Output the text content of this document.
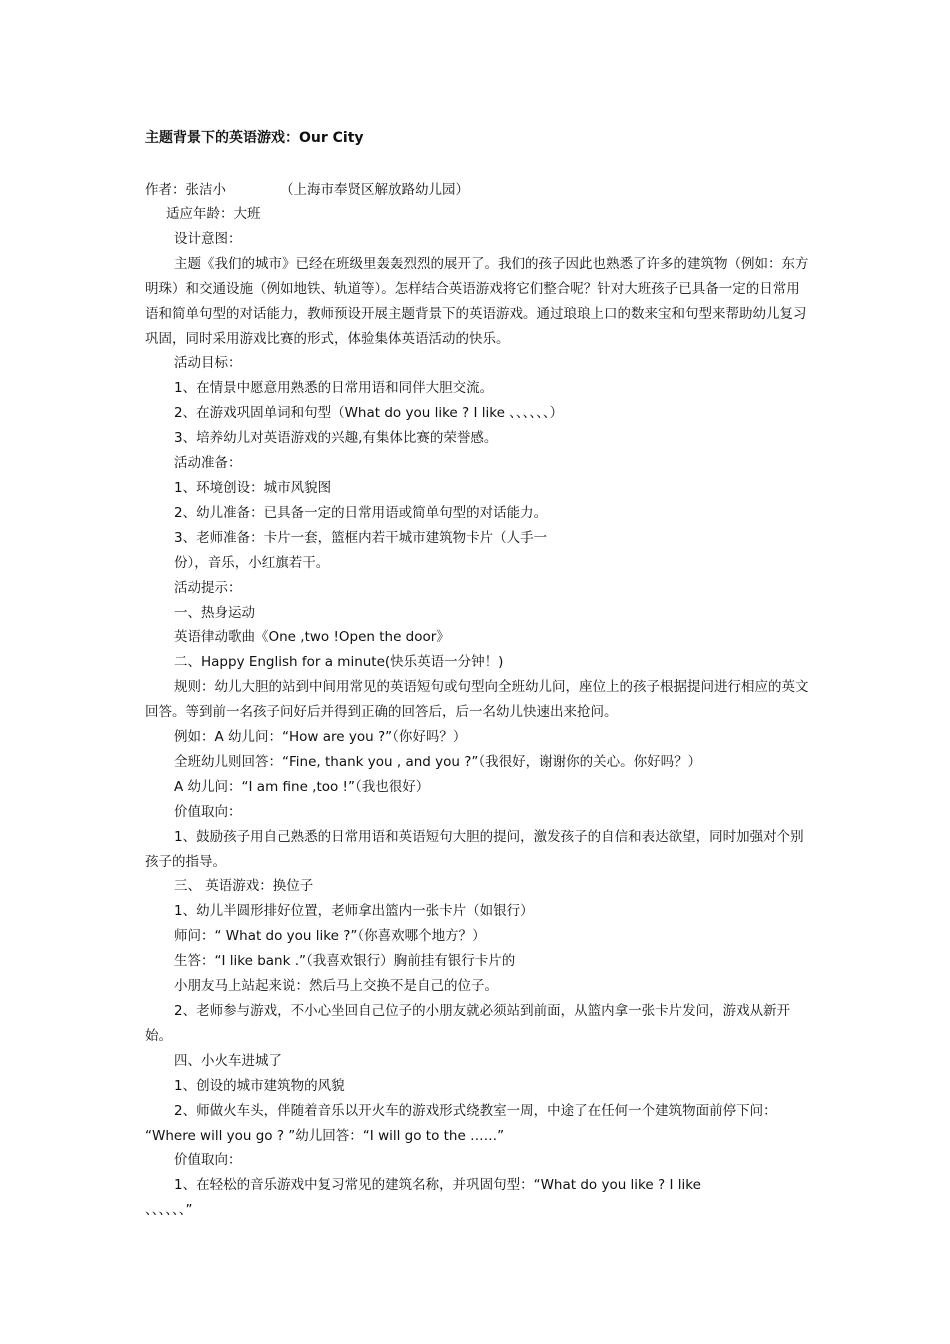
主题背景下的英语游戏：Our City
作者：张洁小	（上海市奉贤区解放路幼儿园）

适应年龄：大班

设计意图：

主题《我们的城市》已经在班级里轰轰烈烈的展开了。我们的孩子因此也熟悉了许多的建筑物（例如：东方明珠）和交通设施（例如地铁、轨道等）。怎样结合英语游戏将它们整合呢？针对大班孩子已具备一定的日常用语和简单句型的对话能力，教师预设开展主题背景下的英语游戏。通过琅琅上口的数来宝和句型来帮助幼儿复习巩固，同时采用游戏比赛的形式，体验集体英语活动的快乐。

活动目标：

1、在情景中愿意用熟悉的日常用语和同伴大胆交流。

2、在游戏巩固单词和句型（What do you like ? I like 、、、、、、）

3、培养幼儿对英语游戏的兴趣,有集体比赛的荣誉感。

活动准备：

1、环境创设：城市风貌图

2、幼儿准备：已具备一定的日常用语或简单句型的对话能力。

3、老师准备：卡片一套，篮框内若干城市建筑物卡片（人手一

份），音乐，小红旗若干。

活动提示：

一、热身运动

英语律动歌曲《One ,two !Open the door》

二、Happy English for a minute(快乐英语一分钟！)

规则：幼儿大胆的站到中间用常见的英语短句或句型向全班幼儿问，座位上的孩子根据提问进行相应的英文回答。等到前一名孩子问好后并得到正确的回答后，后一名幼儿快速出来抢问。

例如：A 幼儿问：“How are you ?”（你好吗？）

全班幼儿则回答：“Fine, thank you , and you ?”（我很好，谢谢你的关心。你好吗？）

A 幼儿问：“I am fine ,too !”（我也很好）

价值取向：

1、鼓励孩子用自己熟悉的日常用语和英语短句大胆的提问，激发孩子的自信和表达欲望，同时加强对个别孩子的指导。

三、 英语游戏：换位子

1、幼儿半圆形排好位置，老师拿出篮内一张卡片（如银行）

师问：“ What do you like ?”（你喜欢哪个地方？）

生答：“I like bank .”（我喜欢银行）胸前挂有银行卡片的

小朋友马上站起来说：然后马上交换不是自己的位子。

2、老师参与游戏，不小心坐回自己位子的小朋友就必须站到前面，从篮内拿一张卡片发问，游戏从新开始。

四、小火车进城了

1、创设的城市建筑物的风貌

2、师做火车头，伴随着音乐以开火车的游戏形式绕教室一周，中途了在任何一个建筑物面前停下问：

“Where will you go ? ”幼儿回答：“I will go to the ……”

价值取向：

1、在轻松的音乐游戏中复习常见的建筑名称，并巩固句型：“What do you like ? I like

、、、、、、”
